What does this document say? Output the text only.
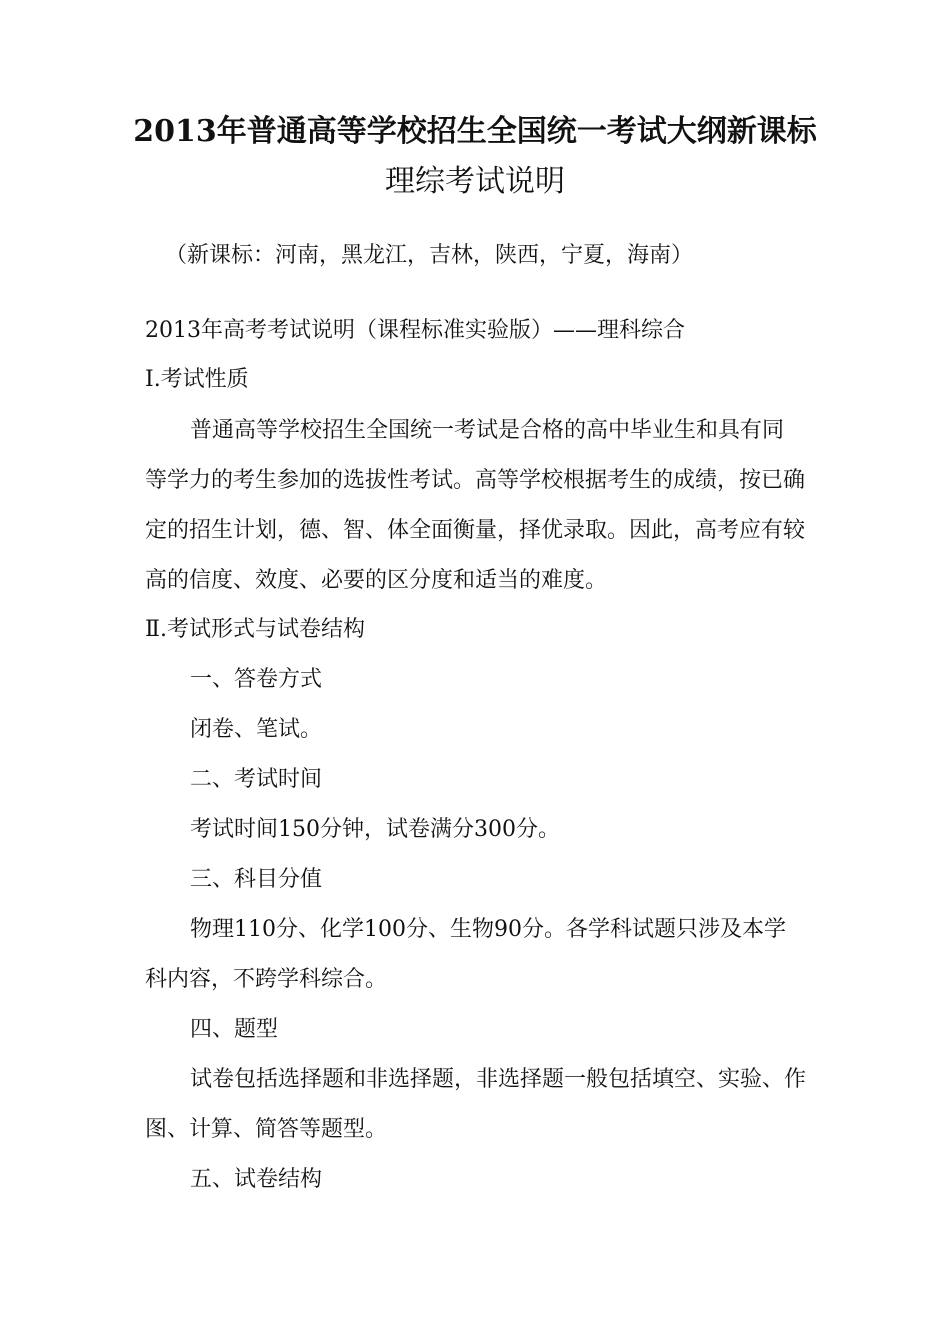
2013年普通高等学校招生全国统一考试大纲新课标
理综考试说明
（新课标：河南，黑龙江，吉林，陕西，宁夏，海南）
2013年高考考试说明（课程标准实验版）——理科综合
Ⅰ.考试性质
普通高等学校招生全国统一考试是合格的高中毕业生和具有同
等学力的考生参加的选拔性考试。高等学校根据考生的成绩，按已确
定的招生计划，德、智、体全面衡量，择优录取。因此，高考应有较
高的信度、效度、必要的区分度和适当的难度。
Ⅱ.考试形式与试卷结构
一、答卷方式
闭卷、笔试。
二、考试时间
考试时间150分钟，试卷满分300分。
三、科目分值
物理110分、化学100分、生物90分。各学科试题只涉及本学
科内容，不跨学科综合。
四、题型
试卷包括选择题和非选择题，非选择题一般包括填空、实验、作
图、计算、简答等题型。
五、试卷结构
